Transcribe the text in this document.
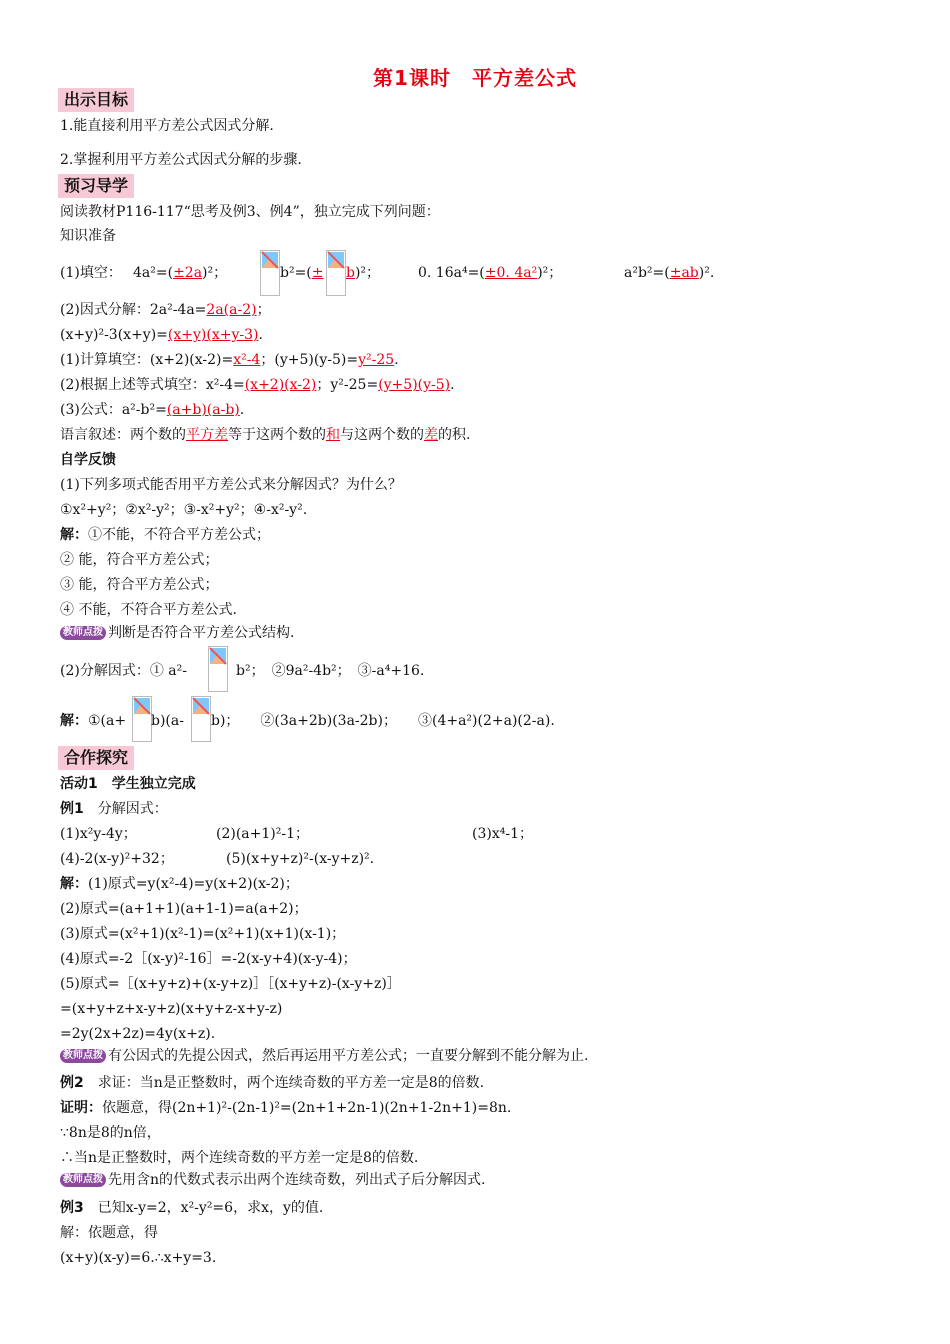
第1课时　平方差公式
出示目标
1.能直接利用平方差公式因式分解.
2.掌握利用平方差公式因式分解的步骤.
预习导学
阅读教材P116-117“思考及例3、例4”，独立完成下列问题：
知识准备
(1)填空： 4a²=(±2a)²；	b²=(± b)²；	0. 16a⁴=(±0. 4a²)²；	a²b²=(±ab)².
(2)因式分解：2a²-4a=2a(a-2)；
(x+y)²-3(x+y)=(x+y)(x+y-3).
(1)计算填空：(x+2)(x-2)=x²-4；(y+5)(y-5)=y²-25.
(2)根据上述等式填空：x²-4=(x+2)(x-2)；y²-25=(y+5)(y-5).
(3)公式：a²-b²=(a+b)(a-b).
语言叙述：两个数的平方差等于这两个数的和与这两个数的差的积.
自学反馈
(1)下列多项式能否用平方差公式来分解因式？为什么？
①x²+y²；②x²-y²；③-x²+y²；④-x²-y².
解：①不能，不符合平方差公式；
② 能，符合平方差公式；
③ 能，符合平方差公式；
④ 不能，不符合平方差公式.
教师点拨 判断是否符合平方差公式结构.
(2)分解因式：① a²-	b²；　②9a²-4b²；　③-a⁴+16.
解：①(a+ b)(a- b)；　　②(3a+2b)(3a-2b)；　　③(4+a²)(2+a)(2-a).
合作探究
活动1　学生独立完成
例1　分解因式：
(1)x²y-4y；	(2)(a+1)²-1；	(3)x⁴-1；
(4)-2(x-y)²+32；	(5)(x+y+z)²-(x-y+z)².
解：(1)原式=y(x²-4)=y(x+2)(x-2)；
(2)原式=(a+1+1)(a+1-1)=a(a+2)；
(3)原式=(x²+1)(x²-1)=(x²+1)(x+1)(x-1)；
(4)原式=-2［(x-y)²-16］=-2(x-y+4)(x-y-4)；
(5)原式=［(x+y+z)+(x-y+z)］［(x+y+z)-(x-y+z)］
=(x+y+z+x-y+z)(x+y+z-x+y-z)
=2y(2x+2z)=4y(x+z).
教师点拨 有公因式的先提公因式，然后再运用平方差公式；一直要分解到不能分解为止.
例2　求证：当n是正整数时，两个连续奇数的平方差一定是8的倍数.
证明：依题意，得(2n+1)²-(2n-1)²=(2n+1+2n-1)(2n+1-2n+1)=8n.
∵8n是8的n倍，
∴当n是正整数时，两个连续奇数的平方差一定是8的倍数.
教师点拨 先用含n的代数式表示出两个连续奇数，列出式子后分解因式.
例3　已知x-y=2，x²-y²=6，求x，y的值.
解：依题意，得
(x+y)(x-y)=6.∴x+y=3.
